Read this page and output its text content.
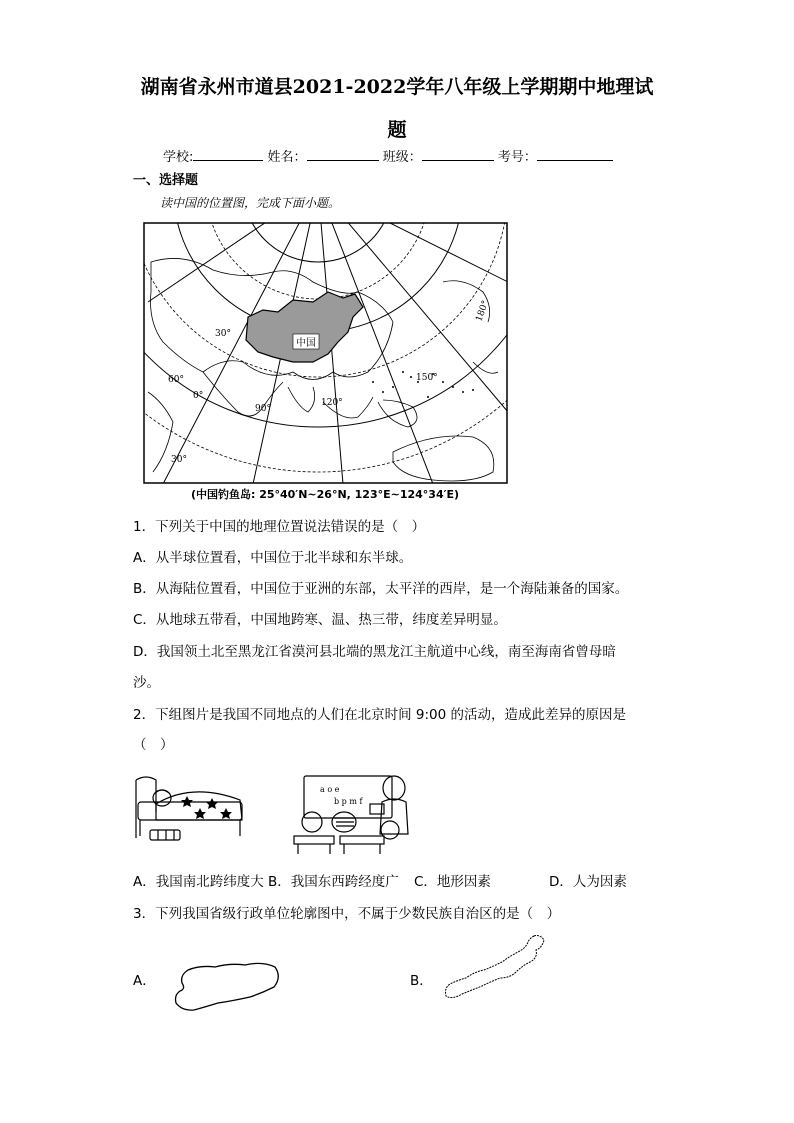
湖南省永州市道县2021-2022学年八年级上学期期中地理试
题
学校:	姓名：	班级：	考号：
一、选择题
读中国的位置图，完成下面小题。
中国
30°
60°
0°
90°
120°
150°
180°
30°
(中国钓鱼岛: 25°40′N~26°N, 123°E~124°34′E)
1．下列关于中国的地理位置说法错误的是（　）
A．从半球位置看，中国位于北半球和东半球。
B．从海陆位置看，中国位于亚洲的东部，太平洋的西岸，是一个海陆兼备的国家。
C．从地球五带看，中国地跨寒、温、热三带，纬度差异明显。
D．我国领土北至黑龙江省漠河县北端的黑龙江主航道中心线，南至海南省曾母暗
沙。
2．下组图片是我国不同地点的人们在北京时间 9:00 的活动，造成此差异的原因是
（　）
a o e
b p m f
A．我国南北跨纬度大 B．我国东西跨经度广 C．地形因素	D．人为因素
3．下列我国省级行政单位轮廓图中，不属于少数民族自治区的是（　）
A．	B．
